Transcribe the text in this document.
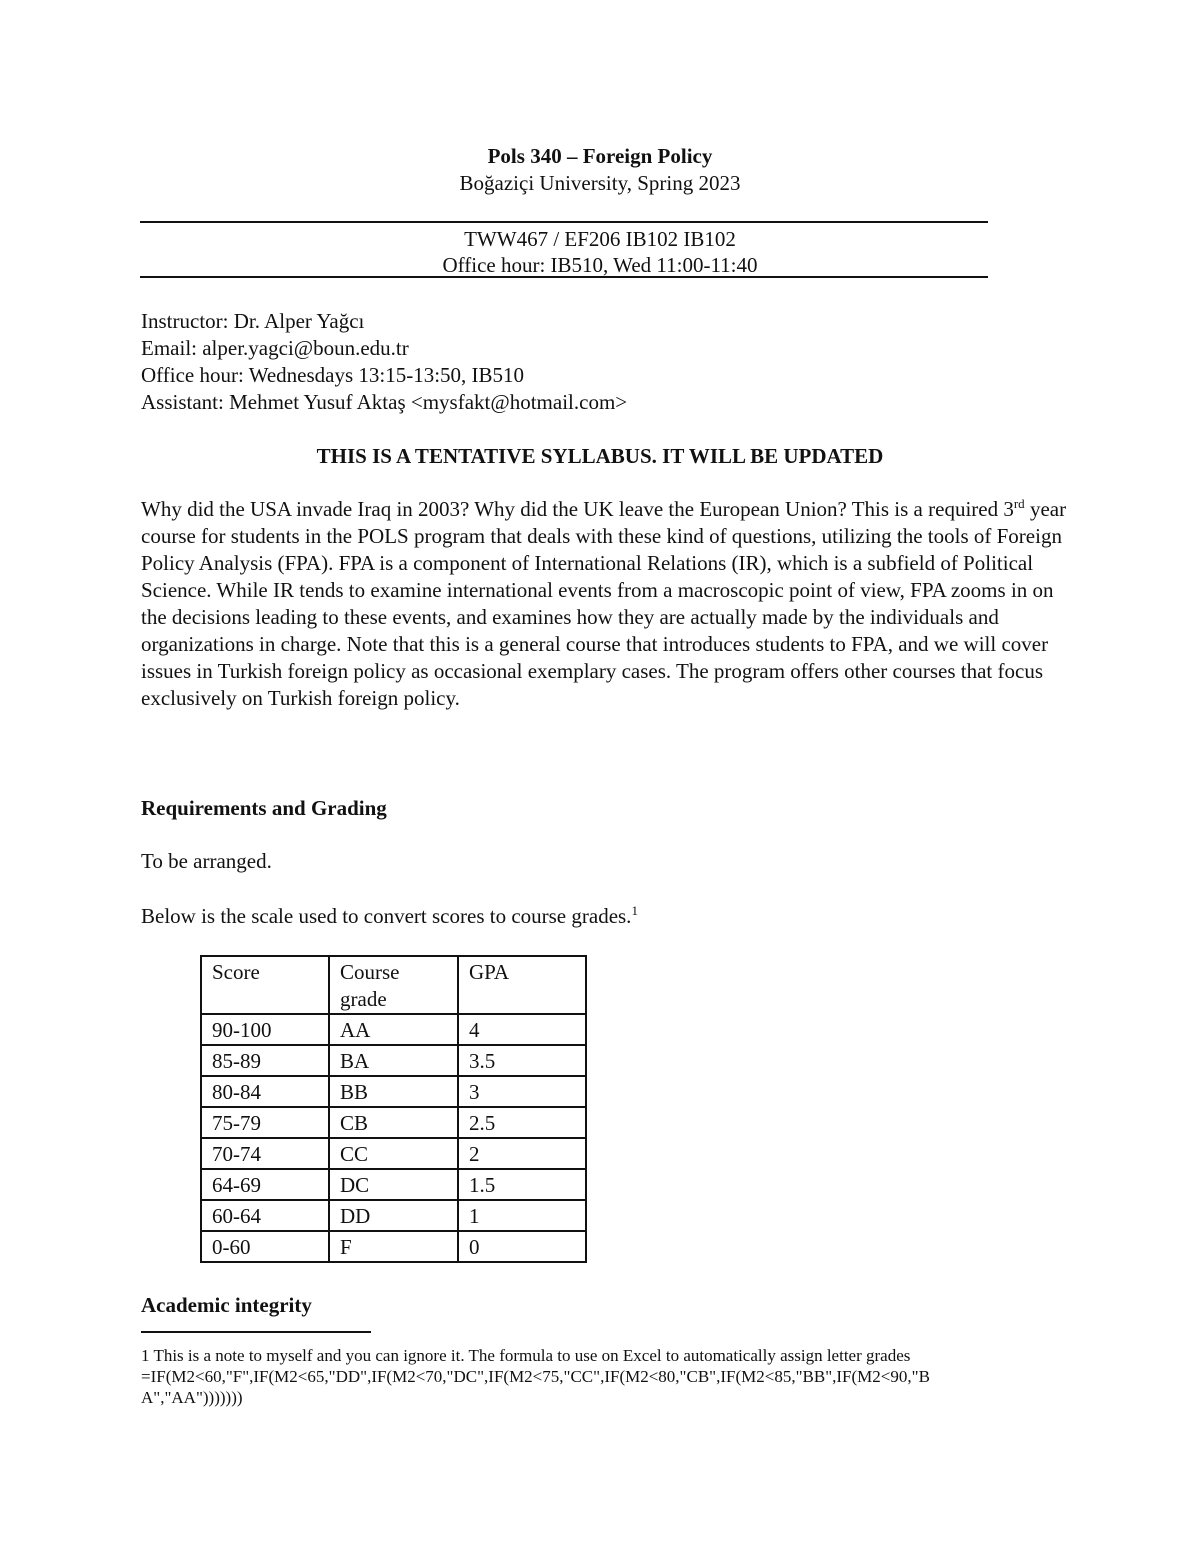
Pols 340 – Foreign Policy
Boğaziçi University, Spring 2023
TWW467 / EF206 IB102 IB102
Office hour: IB510, Wed 11:00-11:40
Instructor: Dr. Alper Yağcı
Email: alper.yagci@boun.edu.tr
Office hour: Wednesdays 13:15-13:50, IB510
Assistant: Mehmet Yusuf Aktaş <mysfakt@hotmail.com>
THIS IS A TENTATIVE SYLLABUS. IT WILL BE UPDATED

Why did the USA invade Iraq in 2003? Why did the UK leave the European Union? This is a required 3rd year course for students in the POLS program that deals with these kind of questions, utilizing the tools of Foreign Policy Analysis (FPA). FPA is a component of International Relations (IR), which is a subfield of Political Science. While IR tends to examine international events from a macroscopic point of view, FPA zooms in on the decisions leading to these events, and examines how they are actually made by the individuals and organizations in charge. Note that this is a general course that introduces students to FPA, and we will cover issues in Turkish foreign policy as occasional exemplary cases. The program offers other courses that focus exclusively on Turkish foreign policy.

Requirements and Grading
To be arranged.
Below is the scale used to convert scores to course grades.$^1$
Score	Course grade	GPA
90-100	AA	4
85-89	BA	3.5
80-84	BB	3
75-79	CB	2.5
70-74	CC	2
64-69	DC	1.5
60-64	DD	1
0-60	F	0
Academic integrity

1 This is a note to myself and you can ignore it. The formula to use on Excel to automatically assign letter grades

=IF(M2<60,"F",IF(M2<65,"DD",IF(M2<70,"DC",IF(M2<75,"CC",IF(M2<80,"CB",IF(M2<85,"BB",IF(M2<90,"B

A","AA")))))))
